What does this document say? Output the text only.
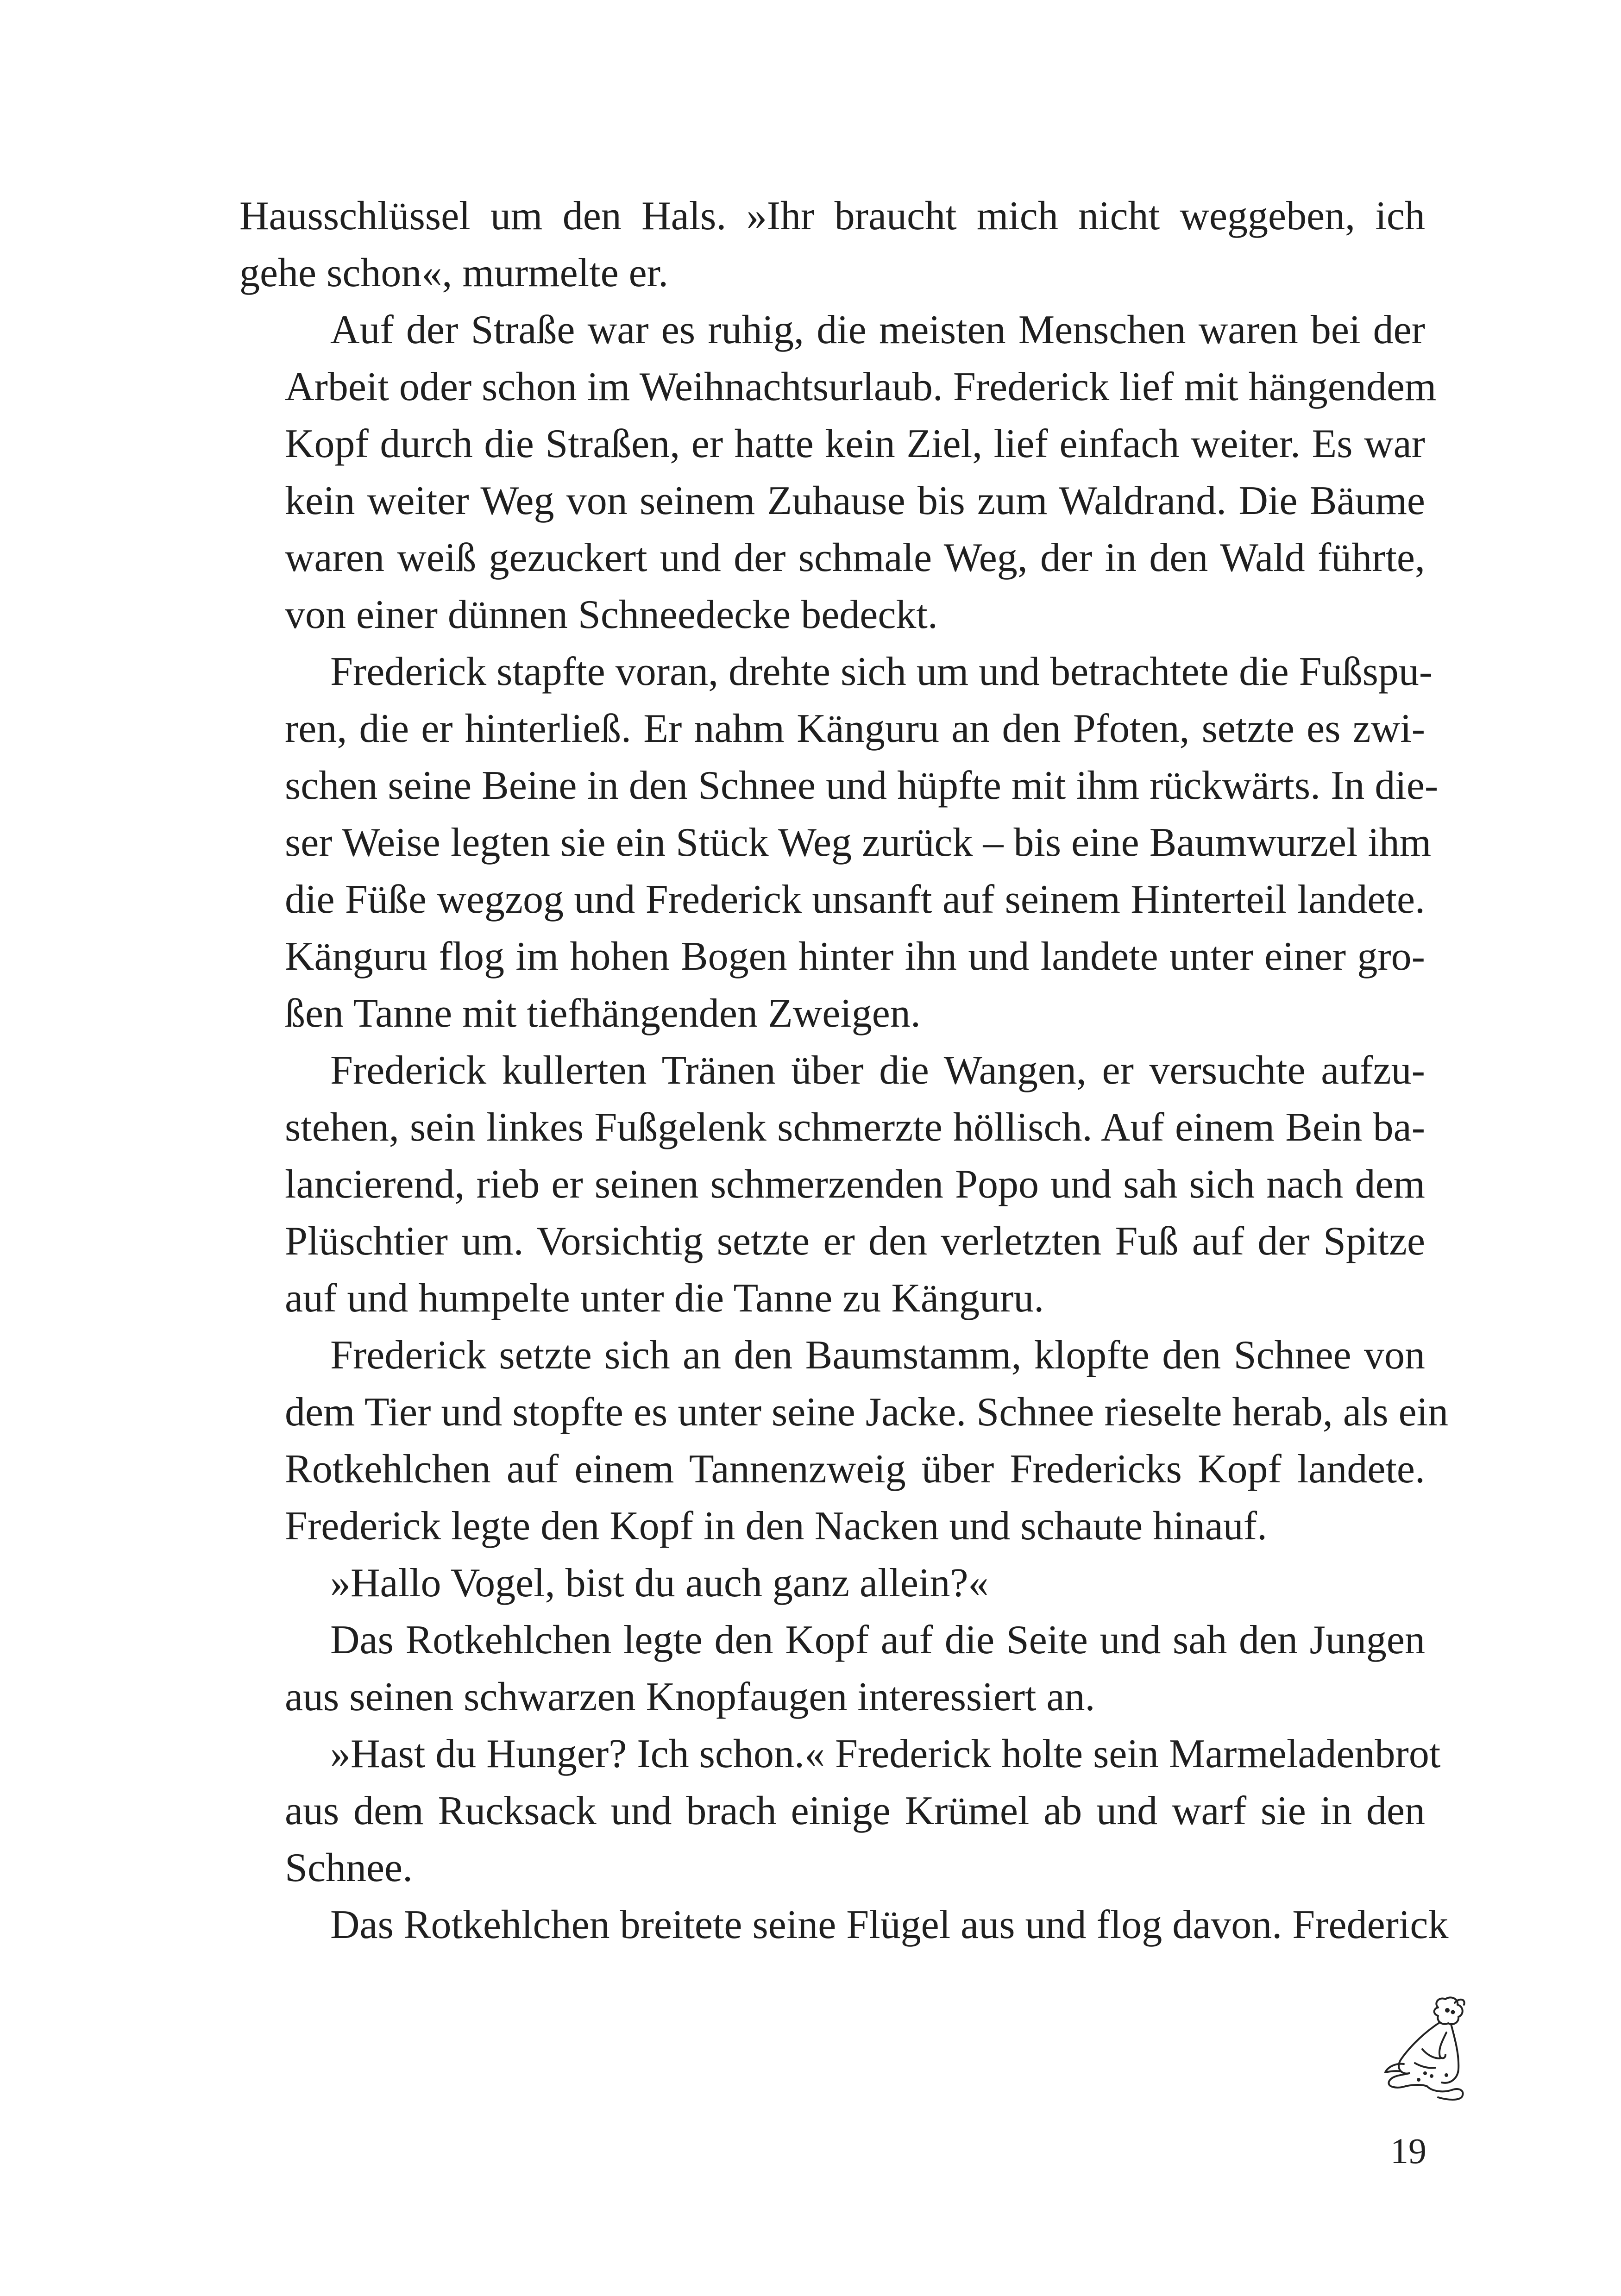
Hausschlüssel um den Hals. »Ihr braucht mich nicht weggeben, ich
gehe schon«, murmelte er.
Auf der Straße war es ruhig, die meisten Menschen waren bei der
Arbeit oder schon im Weihnachtsurlaub. Frederick lief mit hängendem
Kopf durch die Straßen, er hatte kein Ziel, lief einfach weiter. Es war
kein weiter Weg von seinem Zuhause bis zum Waldrand. Die Bäume
waren weiß gezuckert und der schmale Weg, der in den Wald führte,
von einer dünnen Schneedecke bedeckt.
Frederick stapfte voran, drehte sich um und betrachtete die Fußspu-
ren, die er hinterließ. Er nahm Känguru an den Pfoten, setzte es zwi-
schen seine Beine in den Schnee und hüpfte mit ihm rückwärts. In die-
ser Weise legten sie ein Stück Weg zurück – bis eine Baumwurzel ihm
die Füße wegzog und Frederick unsanft auf seinem Hinterteil landete.
Känguru flog im hohen Bogen hinter ihn und landete unter einer gro-
ßen Tanne mit tiefhängenden Zweigen.
Frederick kullerten Tränen über die Wangen, er versuchte aufzu-
stehen, sein linkes Fußgelenk schmerzte höllisch. Auf einem Bein ba-
lancierend, rieb er seinen schmerzenden Popo und sah sich nach dem
Plüschtier um. Vorsichtig setzte er den verletzten Fuß auf der Spitze
auf und humpelte unter die Tanne zu Känguru.
Frederick setzte sich an den Baumstamm, klopfte den Schnee von
dem Tier und stopfte es unter seine Jacke. Schnee rieselte herab, als ein
Rotkehlchen auf einem Tannenzweig über Fredericks Kopf landete.
Frederick legte den Kopf in den Nacken und schaute hinauf.
»Hallo Vogel, bist du auch ganz allein?«
Das Rotkehlchen legte den Kopf auf die Seite und sah den Jungen
aus seinen schwarzen Knopfaugen interessiert an.
»Hast du Hunger? Ich schon.« Frederick holte sein Marmeladenbrot
aus dem Rucksack und brach einige Krümel ab und warf sie in den
Schnee.
Das Rotkehlchen breitete seine Flügel aus und flog davon. Frederick
19
